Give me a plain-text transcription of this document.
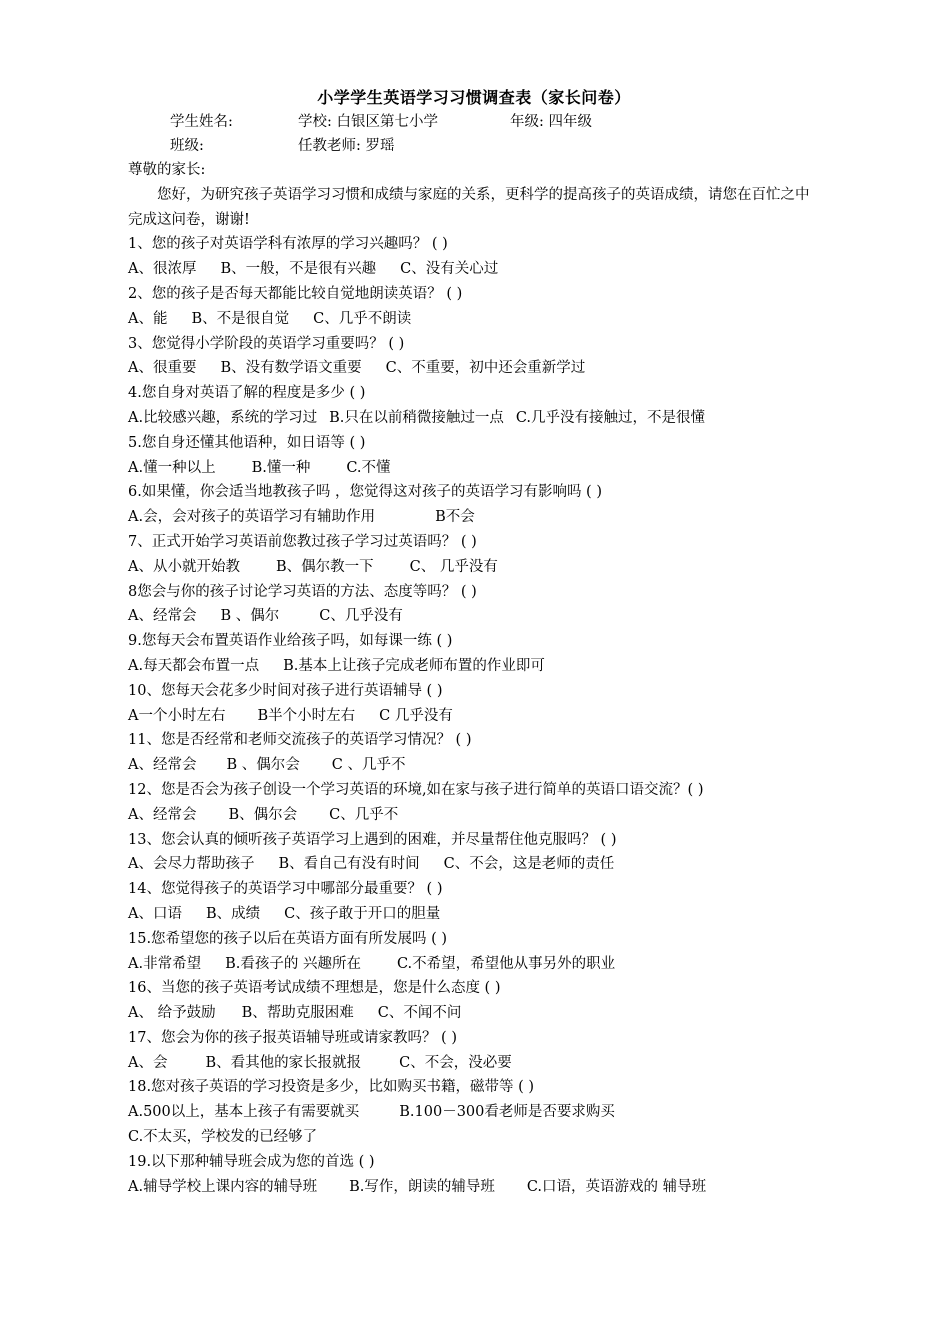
小学学生英语学习习惯调查表（家长问卷）
学生姓名:	学校: 白银区第七小学	年级: 四年级
班级:	任教老师: 罗瑶

尊敬的家长:

您好，为研究孩子英语学习习惯和成绩与家庭的关系，更科学的提高孩子的英语成绩，请您在百忙之中完成这问卷，谢谢!

1、您的孩子对英语学科有浓厚的学习兴趣吗？ ( )

A、很浓厚 B、一般，不是很有兴趣 C、没有关心过

2、您的孩子是否每天都能比较自觉地朗读英语？ ( )

A、能 B、不是很自觉 C、几乎不朗读

3、您觉得小学阶段的英语学习重要吗？ ( )

A、很重要 B、没有数学语文重要 C、不重要，初中还会重新学过

4.您自身对英语了解的程度是多少 ( )

A.比较感兴趣，系统的学习过 B.只在以前稍微接触过一点 C.几乎没有接触过，不是很懂

5.您自身还懂其他语种，如日语等 ( )

A.懂一种以上 B.懂一种 C.不懂

6.如果懂，你会适当地教孩子吗 ，您觉得这对孩子的英语学习有影响吗 ( )

A.会，会对孩子的英语学习有辅助作用	B不会

7、正式开始学习英语前您教过孩子学习过英语吗？ ( )

A、从小就开始教 B、偶尔教一下 C、 几乎没有

8您会与你的孩子讨论学习英语的方法、态度等吗？ ( )

A、经常会 B 、偶尔	C、几乎没有

9.您每天会布置英语作业给孩子吗，如每课一练 ( )

A.每天都会布置一点 B.基本上让孩子完成老师布置的作业即可

10、您每天会花多少时间对孩子进行英语辅导 ( )

A一个小时左右 B半个小时左右 C 几乎没有

11、您是否经常和老师交流孩子的英语学习情况？ ( )

A、经常会 B 、偶尔会 C 、几乎不

12、您是否会为孩子创设一个学习英语的环境,如在家与孩子进行简单的英语口语交流？( )

A、经常会 B、偶尔会 C、几乎不

13、您会认真的倾听孩子英语学习上遇到的困难，并尽量帮住他克服吗？ ( )

A、会尽力帮助孩子 B、看自己有没有时间 C、不会，这是老师的责任

14、您觉得孩子的英语学习中哪部分最重要？ ( )

A、口语 B、成绩 C、孩子敢于开口的胆量

15.您希望您的孩子以后在英语方面有所发展吗 ( )

A.非常希望 B.看孩子的 兴趣所在 C.不希望，希望他从事另外的职业

16、当您的孩子英语考试成绩不理想是，您是什么态度 ( )

A、 给予鼓励 B、帮助克服困难 C、不闻不问

17、您会为你的孩子报英语辅导班或请家教吗？ ( )

A、会	B、看其他的家长报就报	C、不会，没必要

18.您对孩子英语的学习投资是多少，比如购买书籍，磁带等 ( )

A.500以上，基本上孩子有需要就买	B.100－300看老师是否要求购买C.不太买，学校发的已经够了

19.以下那种辅导班会成为您的首选 ( )

A.辅导学校上课内容的辅导班 B.写作，朗读的辅导班 C.口语，英语游戏的 辅导班
